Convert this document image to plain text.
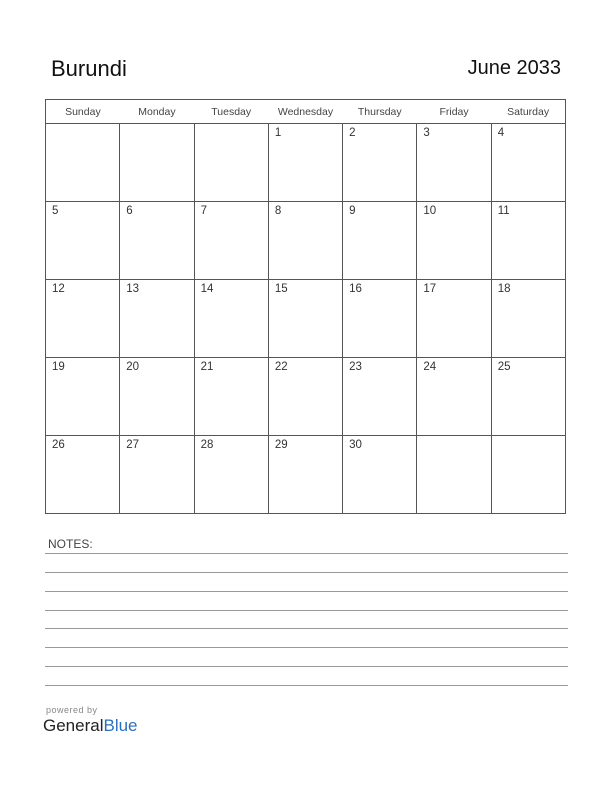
Burundi	June 2033
Sunday	Monday	Tuesday	Wednesday	Thursday	Friday	Saturday

			1	2	3	4

5	6	7	8	9	10	11

12	13	14	15	16	17	18

19	20	21	22	23	24	25

26	27	28	29	30		

NOTES:
powered by
GeneralBlue
